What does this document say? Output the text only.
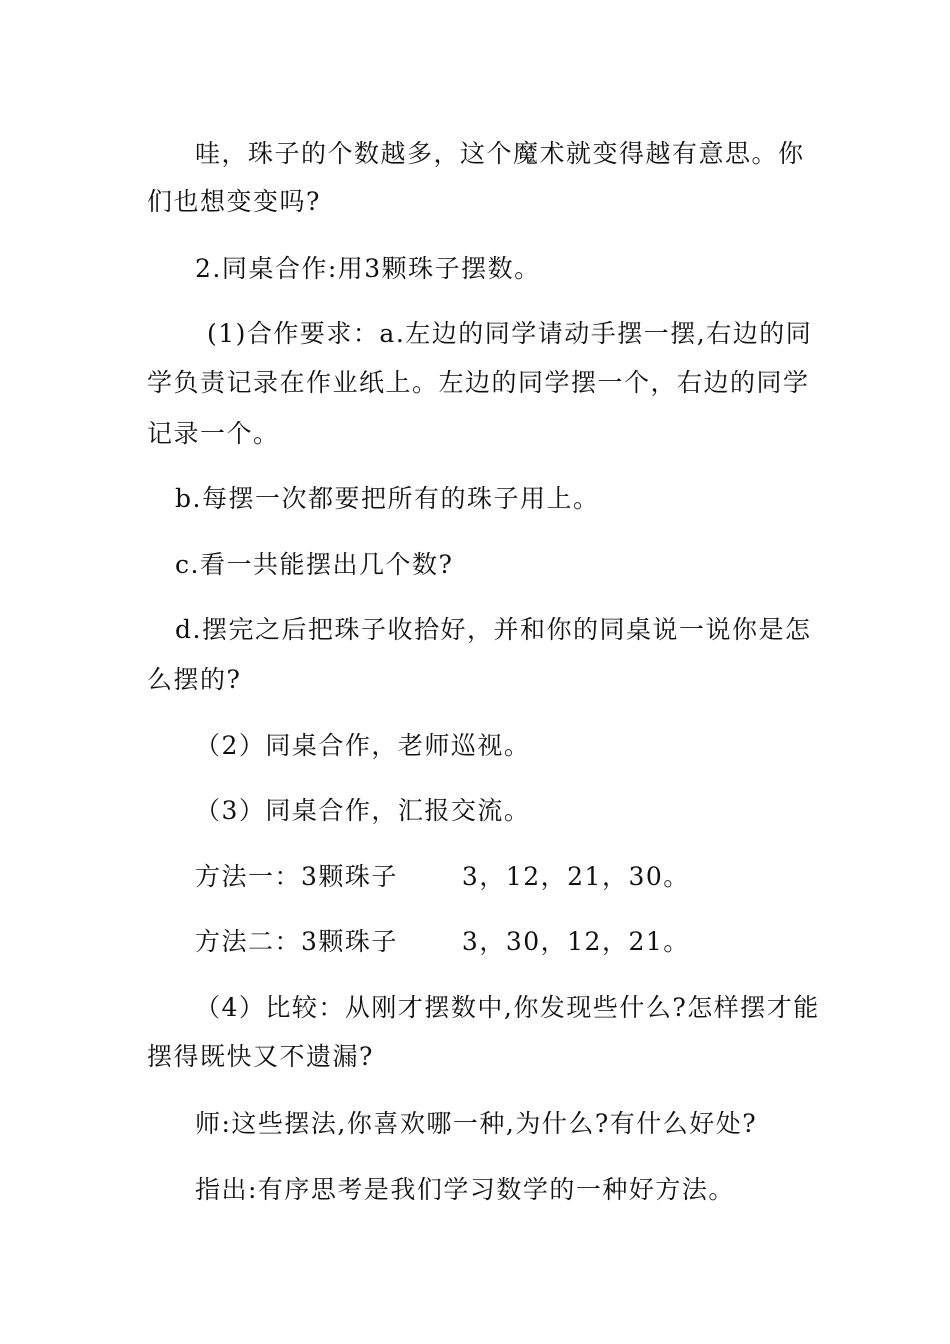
哇，珠子的个数越多，这个魔术就变得越有意思。你
们也想变变吗?
2.同桌合作:用3颗珠子摆数。
(1)合作要求：a.左边的同学请动手摆一摆,右边的同
学负责记录在作业纸上。左边的同学摆一个，右边的同学
记录一个。
b.每摆一次都要把所有的珠子用上。
c.看一共能摆出几个数?
d.摆完之后把珠子收拾好，并和你的同桌说一说你是怎
么摆的?
（2）同桌合作，老师巡视。
（3）同桌合作，汇报交流。
方法一：3颗珠子	3，12，21，30。
方法二：3颗珠子	3，30，12，21。
（4）比较：从刚才摆数中,你发现些什么?怎样摆才能
摆得既快又不遗漏?
师:这些摆法,你喜欢哪一种,为什么?有什么好处?
指出:有序思考是我们学习数学的一种好方法。
